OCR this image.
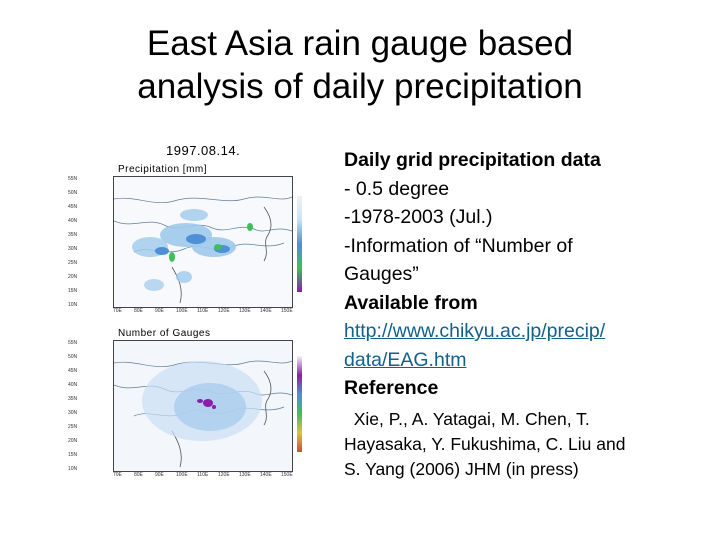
East Asia rain gauge based
analysis of daily precipitation
1997.08.14.
Precipitation [mm]
55N
50N
45N
40N
35N
30N
25N
20N
15N
10N
70E 80E 90E 100E 110E 120E 130E 140E 150E
Number of Gauges
55N
50N
45N
40N
35N
30N
25N
20N
15N
10N
70E 80E 90E 100E 110E 120E 130E 140E 150E
Daily grid precipitation data
- 0.5 degree
-1978-2003 (Jul.)
-Information of “Number of
Gauges”
Available from
http://www.chikyu.ac.jp/precip/
data/EAG.htm
Reference
Xie, P., A. Yatagai, M. Chen, T.
Hayasaka, Y. Fukushima, C. Liu and
S. Yang (2006) JHM (in press)
